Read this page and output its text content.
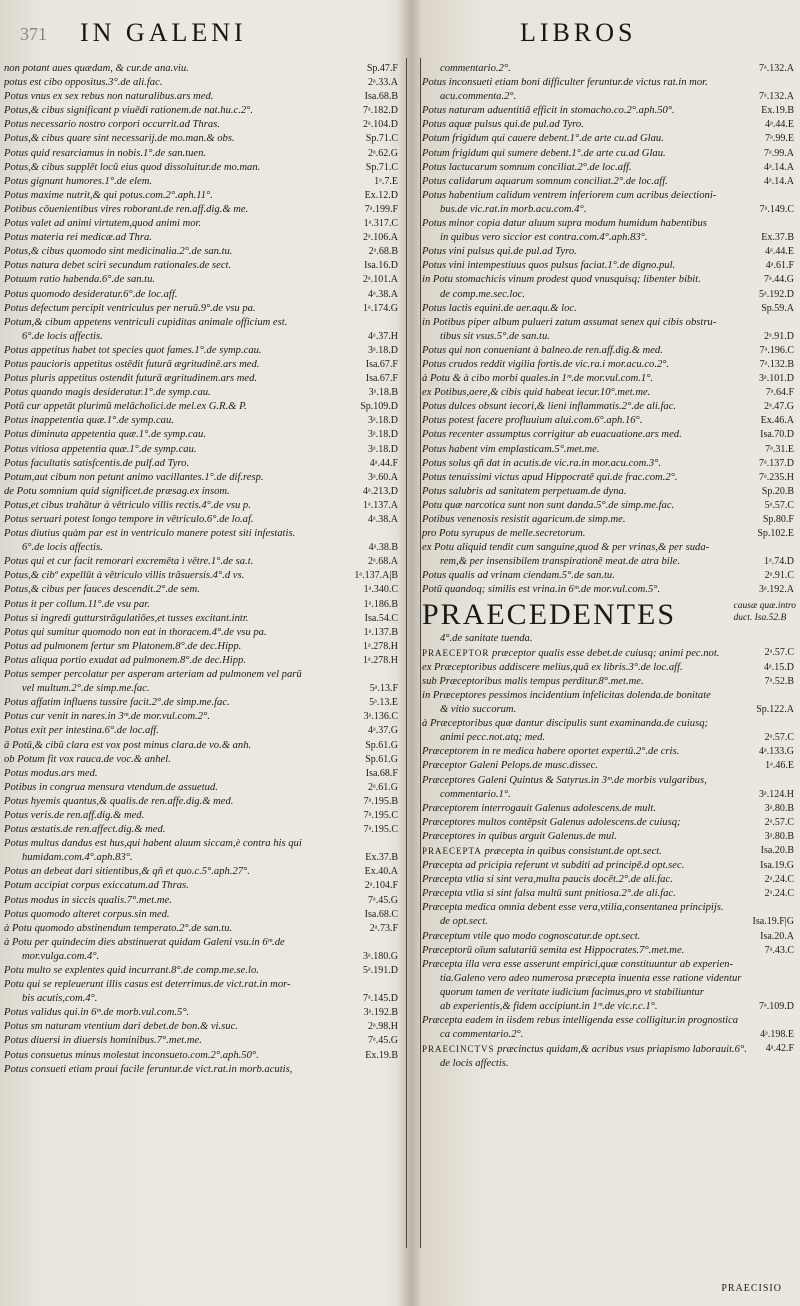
371 IN GALENI	LIBROS
non potant aues quædam, & cur.de ana.viu.	Sp.47.F
potus est cibo oppositus.3°.de ali.fac.	2ᵃ.33.A
Potus vnus ex sex rebus non naturalibus.ars med.	Isa.68.B
Potus,& cibus significant p viuēdi rationem.de nat.hu.c.2°.	7ᵃ.182.D
Potus necessario nostro corpori occurrit.ad Thras.	2ᵃ.104.D
Potus,& cibus quare sint necessarij.de mo.man.& obs.	Sp.71.C
Potus quid resarciamus in nobis.1°.de san.tuen.	2ᵃ.62.G
Potus,& cibus supplēt locū eius quod dissoluitur.de mo.man.	Sp.71.C
Potus gignunt humores.1°.de elem.	1ᵃ.7.E
Potus maxime nutrit,& qui potus.com.2°.aph.11°.	Ex.12.D
Potibus cōuenientibus vires roborant.de ren.aff.dig.& me.	7ᵃ.199.F
Potus valet ad animi virtutem,quod animi mor.	1ᵃ.317.C
Potus materia rei medicæ.ad Thra.	2ᵃ.106.A
Potus,& cibus quomodo sint medicinalia.2°.de san.tu.	2ᵃ.68.B
Potus natura debet sciri secundum rationales.de sect.	Isa.16.D
Potuum ratio habenda.6°.de san.tu.	2ᵃ.101.A
Potus quomodo desideratur.6°.de loc.aff.	4ᵃ.38.A
Potus defectum percipit ventriculus per neruū.9°.de vsu pa.	1ᵃ.174.G
Potum,& cibum appetens ventriculi cupiditas animale officium est.
6°.de locis affectis.	4ᵃ.37.H
Potus appetitus habet tot species quot fames.1°.de symp.cau.	3ᵃ.18.D
Potus paucioris appetitus ostēdit futurā ægritudinē.ars med.	Isa.67.F
Potus pluris appetitus ostendit futurā ægritudinem.ars med.	Isa.67.F
Potus quando magis desideratur.1°.de symp.cau.	3ᵃ.18.B
Potū cur appetāt plurimū melācholici.de mel.ex G.R.& P.	Sp.109.D
Potus inappetentia quæ.1°.de symp.cau.	3ᵃ.18.D
Potus diminuta appetentia quæ.1°.de symp.cau.	3ᵃ.18.D
Potus vitiosa appetentia quæ.1°.de symp.cau.	3ᵃ.18.D
Potus facultatis satisfcentis.de pulf.ad Tyro.	4ᵃ.44.F
Potum,aut cibum non petunt animo vacillantes.1°.de dif.resp.	3ᵃ.60.A
de Potu somnium quid significet.de præsag.ex insom.	4ᵃ.213.D
Potus,et cibus trahātur à vētriculo villis rectis.4°.de vsu p.	1ᵃ.137.A
Potus seruari potest longo tempore in vētriculo.6°.de lo.af.	4ᵃ.38.A
Potus diutius quàm par est in ventriculo manere potest siti infestatis.
6°.de locis affectis.	4ᵃ.38.B
Potus qui et cur facit remorari excremēta ì vētre.1°.de sa.t.	2ᵃ.68.A
Potus,& cibº expellūt à vētriculo villis trāsuersis.4°.d vs.	1ᵃ.137.A|B
Potus,& cibus per fauces descendit.2°.de sem.	1ᵃ.340.C
Potus it per collum.11°.de vsu par.	1ᵃ.186.B
Potus si ingredi gutturstrāgulatiōes,et tusses excitant.intr.	Isa.54.C
Potus qui sumitur quomodo non eat in thoracem.4°.de vsu pa.	1ᵃ.137.B
Potus ad pulmonem fertur sm Platonem.8°.de dec.Hipp.	1ᵃ.278.H
Potus aliqua portio exudat ad pulmonem.8°.de dec.Hipp.	1ᵃ.278.H
Potus semper percolatur per asperam arteriam ad pulmonem vel parū
vel multum.2°.de simp.me.fac.	5ᵃ.13.F
Potus affatim influens tussire facit.2°.de simp.me.fac.	5ᵃ.13.E
Potus cur venit in nares.in 3ᵐ.de mor.vul.com.2°.	3ᵃ.136.C
Potus exit per intestina.6°.de loc.aff.	4ᵃ.37.G
ā Potū,& cibū clara est vox post minus clara.de vo.& anh.	Sp.61.G
ob Potum fit vox rauca.de voc.& anhel.	Sp.61.G
Potus modus.ars med.	Isa.68.F
Potibus in congrua mensura vtendum.de assuetud.	2ᵃ.61.G
Potus hyemis quantus,& qualis.de ren.affe.dig.& med.	7ᵃ.195.B
Potus veris.de ren.aff.dig.& med.	7ᵃ.195.C
Potus æstatis.de ren.affect.dig.& med.	7ᵃ.195.C
Potus multus dandus est hus,qui habent aluum siccam,è contra his qui
humidam.com.4°.aph.83°.	Ex.37.B
Potus an debeat dari sitientibus,& qñ et quo.c.5°.aph.27°.	Ex.40.A
Potum accipiat corpus exiccatum.ad Thras.	2ᵃ.104.F
Potus modus in siccis qualis.7°.met.me.	7ᵃ.45.G
Potus quomodo alteret corpus.sin med.	Isa.68.C
à Potu quomodo abstinendum temperato.2°.de san.tu.	2ᵃ.73.F
à Potu per quindecim dies abstinuerat quidam Galeni vsu.in 6ᵐ.de
mor.vulga.com.4°.	3ᵃ.180.G
Potu multo se explentes quid incurrant.8°.de comp.me.se.lo.	5ᵃ.191.D
Potu qui se repleuerunt illis casus est deterrimus.de vict.rat.in mor-
bis acutis,com.4°.	7ᵃ.145.D
Potus validus qui.in 6ᵐ.de morb.vul.com.5°.	3ᵃ.192.B
Potus sm naturam vtentium dari debet.de bon.& vi.suc.	2ᵃ.98.H
Potus diuersi in diuersis hominibus.7°.met.me.	7ᵃ.45.G
Potus consuetus minus molestat inconsueto.com.2°.aph.50°.	Ex.19.B
Potus consueti etiam praui facile feruntur.de vict.rat.in morb.acutis,
commentario.2°.	7ᵃ.132.A
Potus inconsueti etiam boni difficulter feruntur.de victus rat.in mor.
acu.commenta.2°.	7ᵃ.132.A
Potus naturam aduentitiā efficit in stomacho.co.2°.aph.50°.	Ex.19.B
Potus aquæ pulsus qui.de pul.ad Tyro.	4ᵃ.44.E
Potum frigidum qui cauere debent.1°.de arte cu.ad Glau.	7ᵃ.99.E
Potum frigidum qui sumere debent.1°.de arte cu.ad Glau.	7ᵃ.99.A
Potus lactucarum somnum conciliat.2°.de loc.aff.	4ᵃ.14.A
Potus calidarum aquarum somnum conciliat.2°.de loc.aff.	4ᵃ.14.A
Potus habentium calidum ventrem inferiorem cum acribus deiectioni-
bus.de vic.rat.in morb.acu.com.4°.	7ᵃ.149.C
Potus minor copia datur aluum supra modum humidum habentibus
in quibus vero siccior est contra.com.4°.aph.83°.	Ex.37.B
Potus vini pulsus qui.de pul.ad Tyro.	4ᵃ.44.E
Potus vini intempestiuus quos pulsus faciat.1°.de digno.pul.	4ᵃ.61.F
in Potu stomachicis vinum prodest quod vnusquisq; libenter bibit.	7ᵃ.44.G
de comp.me.sec.loc.	5ᵃ.192.D
Potus lactis equini.de aer.aqu.& loc.	Sp.59.A
in Potibus piper album pulueri zatum assumat senex qui cibis obstru-
tibus sit vsus.5°.de san.tu.	2ᵃ.91.D
Potus qui non conueniant à balneo.de ren.aff.dig.& med.	7ᵃ.196.C
Potus crudos reddit vigilia fortis.de vic.ra.i mor.acu.co.2°.	7ᵃ.132.B
à Potu & à cibo morbi quales.in 1ᵐ.de mor.vul.com.1°.	3ᵃ.101.D
ex Potibus,aere,& cibis quid habeat iecur.10°.met.me.	7ᵃ.64.F
Potus dulces obsunt iecori,& lieni inflammatis.2°.de ali.fac.	2ᵃ.47.G
Potus potest facere profluuium alui.com.6°.aph.16°.	Ex.46.A
Potus recenter assumptus corrigitur ab euacuatione.ars med.	Isa.70.D
Potus habent vim emplasticam.5°.met.me.	7ᵃ.31.E
Potus solus qñ dat in acutis.de vic.ra.in mor.acu.com.3°.	7ᵃ.137.D
Potus tenuissimi victus apud Hippocratē qui.de frac.com.2°.	7ᵃ.235.H
Potus salubris ad sanitatem perpetuam.de dyna.	Sp.20.B
Potu quæ narcotica sunt non sunt danda.5°.de simp.me.fac.	5ᵃ.57.C
Potibus venenosis resistit agaricum.de simp.me.	Sp.80.F
pro Potu syrupus de melle.secretorum.	Sp.102.E
ex Potu aliquid tendit cum sanguine,quod & per vrinas,& per suda-
rem,& per insensibilem transpirationē meat.de atra bile.	1ᵃ.74.D
Potus qualis ad vrinam ciendam.5°.de san.tu.	2ᵃ.91.C
Potū quandoq; similis est vrina.in 6ᵐ.de mor.vul.com.5°.	3ᵃ.192.A
PRAECEDENTES	causæ quæ.intro
duct. Isa.52.B
4°.de sanitate tuenda.
PRAECEPTOR præceptor qualis esse debet.de cuiusq; animi pec.not.	2ᵃ.57.C
ex Præceptoribus addiscere melius,quā ex libris.3°.de loc.aff.	4ᵃ.15.D
sub Præceptoribus malis tempus perditur.8°.met.me.	7ᵃ.52.B
in Præceptores pessimos incidentium infelicitas dolenda.de bonitate
& vitio succorum.	Sp.122.A
à Præceptoribus quæ dantur discipulis sunt examinanda.de cuiusq;
animi pecc.not.atq; med.	2ᵃ.57.C
Præceptorem in re medica habere oportet expertū.2°.de cris.	4ᵃ.133.G
Præceptor Galeni Pelops.de musc.dissec.	1ᵃ.46.E
Præceptores Galeni Quintus & Satyrus.in 3ᵐ.de morbis vulgaribus,
commentario.1°.	3ᵃ.124.H
Præceptorem interrogauit Galenus adolescens.de mult.	3ᵃ.80.B
Præceptores multos contēpsit Galenus adolescens.de cuiusq;	2ᵃ.57.C
Præceptores in quibus arguit Galenus.de mul.	3ᵃ.80.B
PRAECEPTA præcepta in quibus consistunt.de opt.sect.	Isa.20.B
Præcepta ad pricipia referunt vt subditi ad principē.d opt.sec.	Isa.19.G
Præcepta vtlia si sint vera,multa paucis docēt.2°.de ali.fac.	2ᵃ.24.C
Præcepta vtlia si sint falsa multū sunt pnitiosa.2°.de ali.fac.	2ᵃ.24.C
Præcepta medica omnia debent esse vera,vtilia,consentanea principijs.
de opt.sect.	Isa.19.F|G
Præceptum vtile quo modo cognoscatur.de opt.sect.	Isa.20.A
Præceptorū oīum salutariū semita est Hippocrates.7°.met.me.	7ᵃ.43.C
Præcepta illa vera esse asserunt empirici,quæ constituuntur ab experien-
tia.Galeno vero adeo numerosa præcepta inuenta esse ratione videntur
quorum tamen de veritate iudicium facimus,pro vt stabiliuntur
ab experientis,& fidem accipiunt.in 1ᵐ.de vic.r.c.1°.	7ᵃ.109.D
Præcepta eadem in iisdem rebus intelligenda esse colligitur.in prognostica
ca commentario.2°.	4ᵃ.198.E
PRAECINCTVS præcinctus quidam,& acribus vsus priapismo laborauit.6°. 4ᵃ.42.F
de locis affectis.
PRAECISIO
